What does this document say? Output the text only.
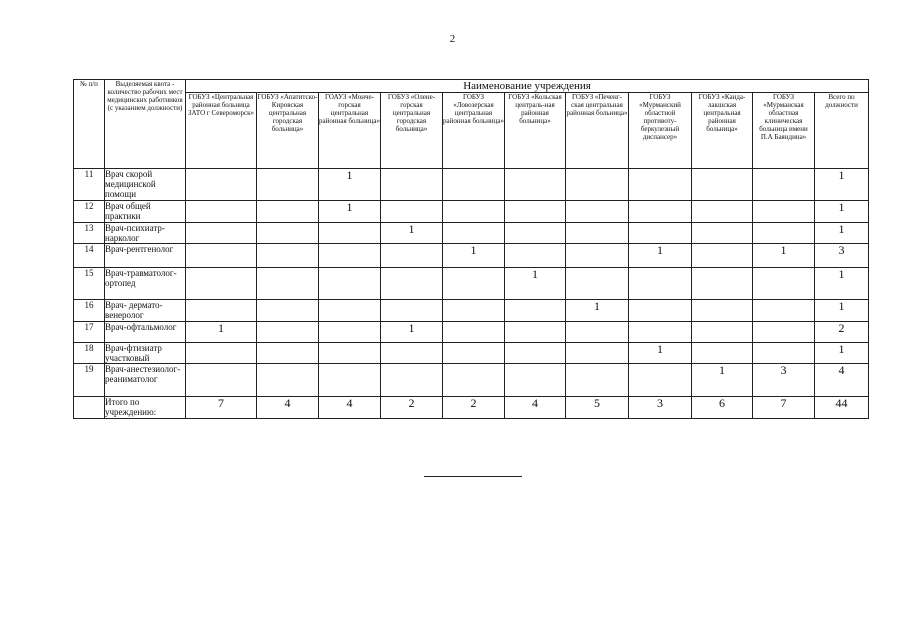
2
№ п/п	Выделяемая квота - количество рабочих мест медицинских работников (с указанием должности)	Наименование учреждения										
		ГОБУЗ «Центральная районная больница ЗАТО г Североморск»	ГОБУЗ «Апатитско-Кировская центральная городская больница»	ГОАУЗ «Монче-горская центральная районная больница»	ГОБУЗ «Олене-горская центральная городская больница»	ГОБУЗ «Ловозерская центральная районная больница»	ГОБУЗ «Кольская централь-ная районная больница»	ГОБУЗ «Печенг-ская центральная районная больница»	ГОБУЗ «Мурманский областной противоту-беркулезный диспансер»	ГОБУЗ «Канда-лакшская центральная районная больница»	ГОБУЗ «Мурманская областная клиническая больница имени П.А Баяндина»	Всего по должности
11	Врач скорой медицинской помощи			1								1
12	Врач общей практики			1								1
13	Врач-психиатр-нарколог				1							1
14	Врач-рентгенолог					1			1		1	3
15	Врач-травматолог-ортопед						1					1
16	Врач- дермато-венеролог							1				1
17	Врач-офтальмолог	1			1							2
18	Врач-фтизиатр участковый								1			1
19	Врач-анестезиолог-реаниматолог									1	3	4
	Итого по учреждению:	7	4	4	2	2	4	5	3	6	7	44
